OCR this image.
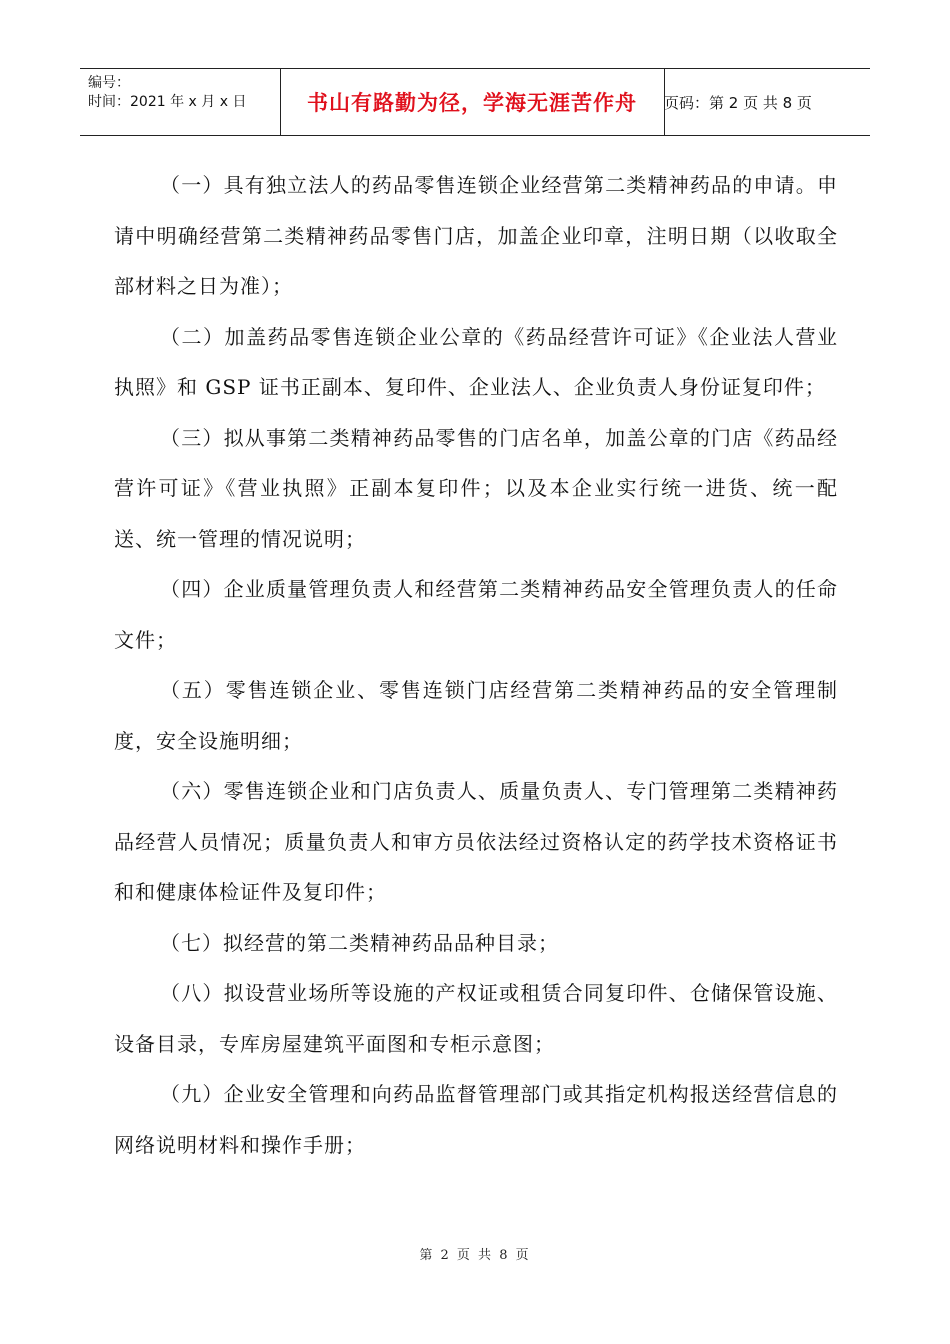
编号：
时间：2021 年 x 月 x 日	书山有路勤为径，学海无涯苦作舟	页码：第 2 页 共 8 页

（一）具有独立法人的药品零售连锁企业经营第二类精神药品的申请。申请中明确经营第二类精神药品零售门店，加盖企业印章，注明日期（以收取全部材料之日为准）；

（二）加盖药品零售连锁企业公章的《药品经营许可证》《企业法人营业执照》和 GSP 证书正副本、复印件、企业法人、企业负责人身份证复印件；

（三）拟从事第二类精神药品零售的门店名单，加盖公章的门店《药品经营许可证》《营业执照》正副本复印件；以及本企业实行统一进货、统一配送、统一管理的情况说明；

（四）企业质量管理负责人和经营第二类精神药品安全管理负责人的任命文件；

（五）零售连锁企业、零售连锁门店经营第二类精神药品的安全管理制度，安全设施明细；

（六）零售连锁企业和门店负责人、质量负责人、专门管理第二类精神药品经营人员情况；质量负责人和审方员依法经过资格认定的药学技术资格证书和和健康体检证件及复印件；

（七）拟经营的第二类精神药品品种目录；

（八）拟设营业场所等设施的产权证或租赁合同复印件、仓储保管设施、设备目录，专库房屋建筑平面图和专柜示意图；

（九）企业安全管理和向药品监督管理部门或其指定机构报送经营信息的网络说明材料和操作手册；

第 2 页 共 8 页
